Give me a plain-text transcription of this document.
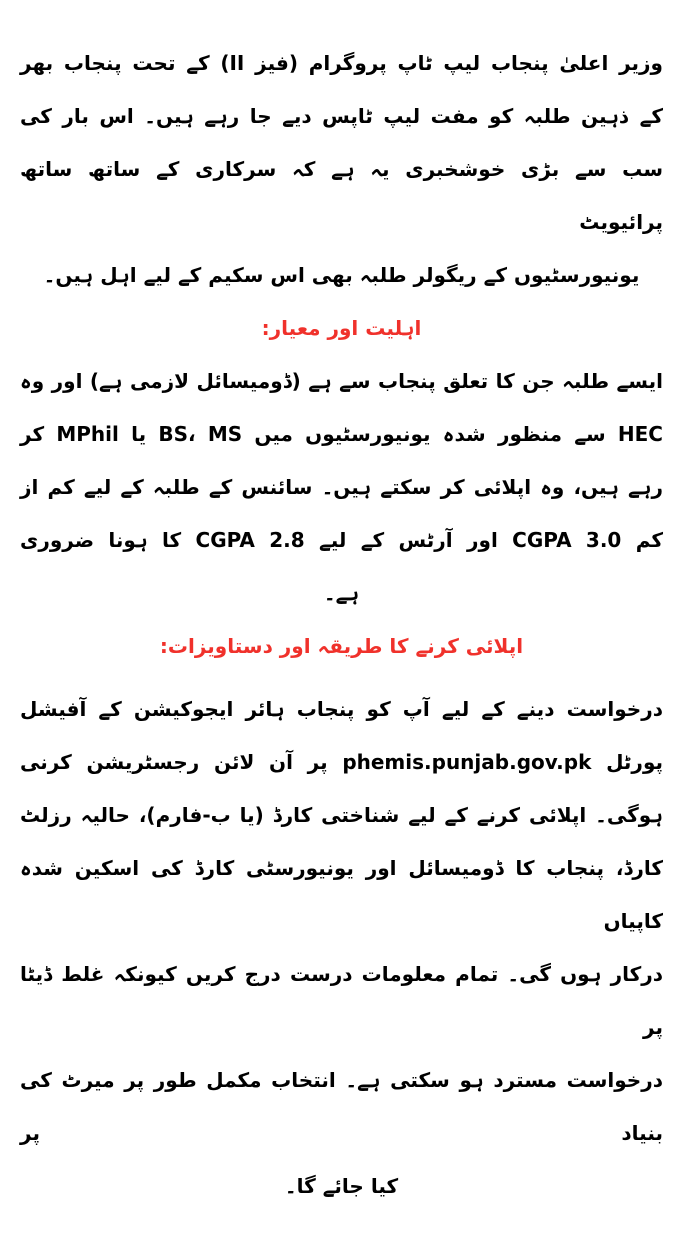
وزیر اعلیٰ پنجاب لیپ ٹاپ پروگرام (فیز II) کے تحت پنجاب بھر
کے ذہین طلبہ کو مفت لیپ ٹاپس دیے جا رہے ہیں۔ اس بار کی
سب سے بڑی خوشخبری یہ ہے کہ سرکاری کے ساتھ ساتھ پرائیویٹ
یونیورسٹیوں کے ریگولر طلبہ بھی اس سکیم کے لیے اہل ہیں۔
اہلیت اور معیار:
ایسے طلبہ جن کا تعلق پنجاب سے ہے (ڈومیسائل لازمی ہے) اور وہ
HEC سے منظور شدہ یونیورسٹیوں میں BS، MS یا MPhil کر
رہے ہیں، وہ اپلائی کر سکتے ہیں۔ سائنس کے طلبہ کے لیے کم از
کم CGPA 3.0 اور آرٹس کے لیے CGPA 2.8 کا ہونا ضروری
ہے۔
اپلائی کرنے کا طریقہ اور دستاویزات:
درخواست دینے کے لیے آپ کو پنجاب ہائر ایجوکیشن کے آفیشل
پورٹل phemis.punjab.gov.pk پر آن لائن رجسٹریشن کرنی
ہوگی۔ اپلائی کرنے کے لیے شناختی کارڈ (یا ب-فارم)، حالیہ رزلٹ
کارڈ، پنجاب کا ڈومیسائل اور یونیورسٹی کارڈ کی اسکین شدہ کاپیاں
درکار ہوں گی۔ تمام معلومات درست درج کریں کیونکہ غلط ڈیٹا پر
درخواست مسترد ہو سکتی ہے۔ انتخاب مکمل طور پر میرٹ کی بنیاد پر
کیا جائے گا۔
